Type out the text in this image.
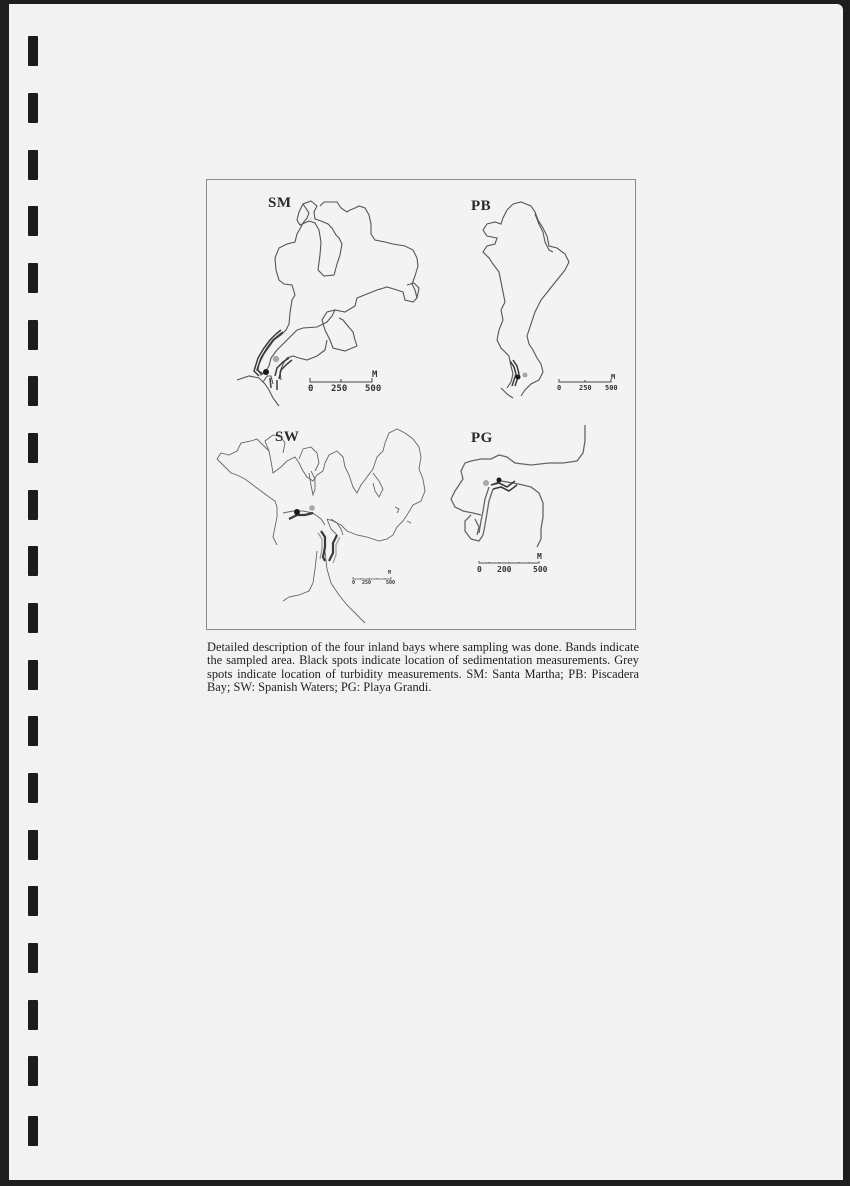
SM
0 250 500
M
PB
0	250 500
M
SW
0 250	500
M
PG
0 200	500
M
Detailed description of the four inland bays where sampling was done. Bands indicate the sampled area. Black spots indicate location of sedimentation measurements. Grey spots indicate location of turbidity measurements. SM: Santa Martha; PB: Piscadera Bay; SW: Spanish Waters; PG: Playa Grandi.
